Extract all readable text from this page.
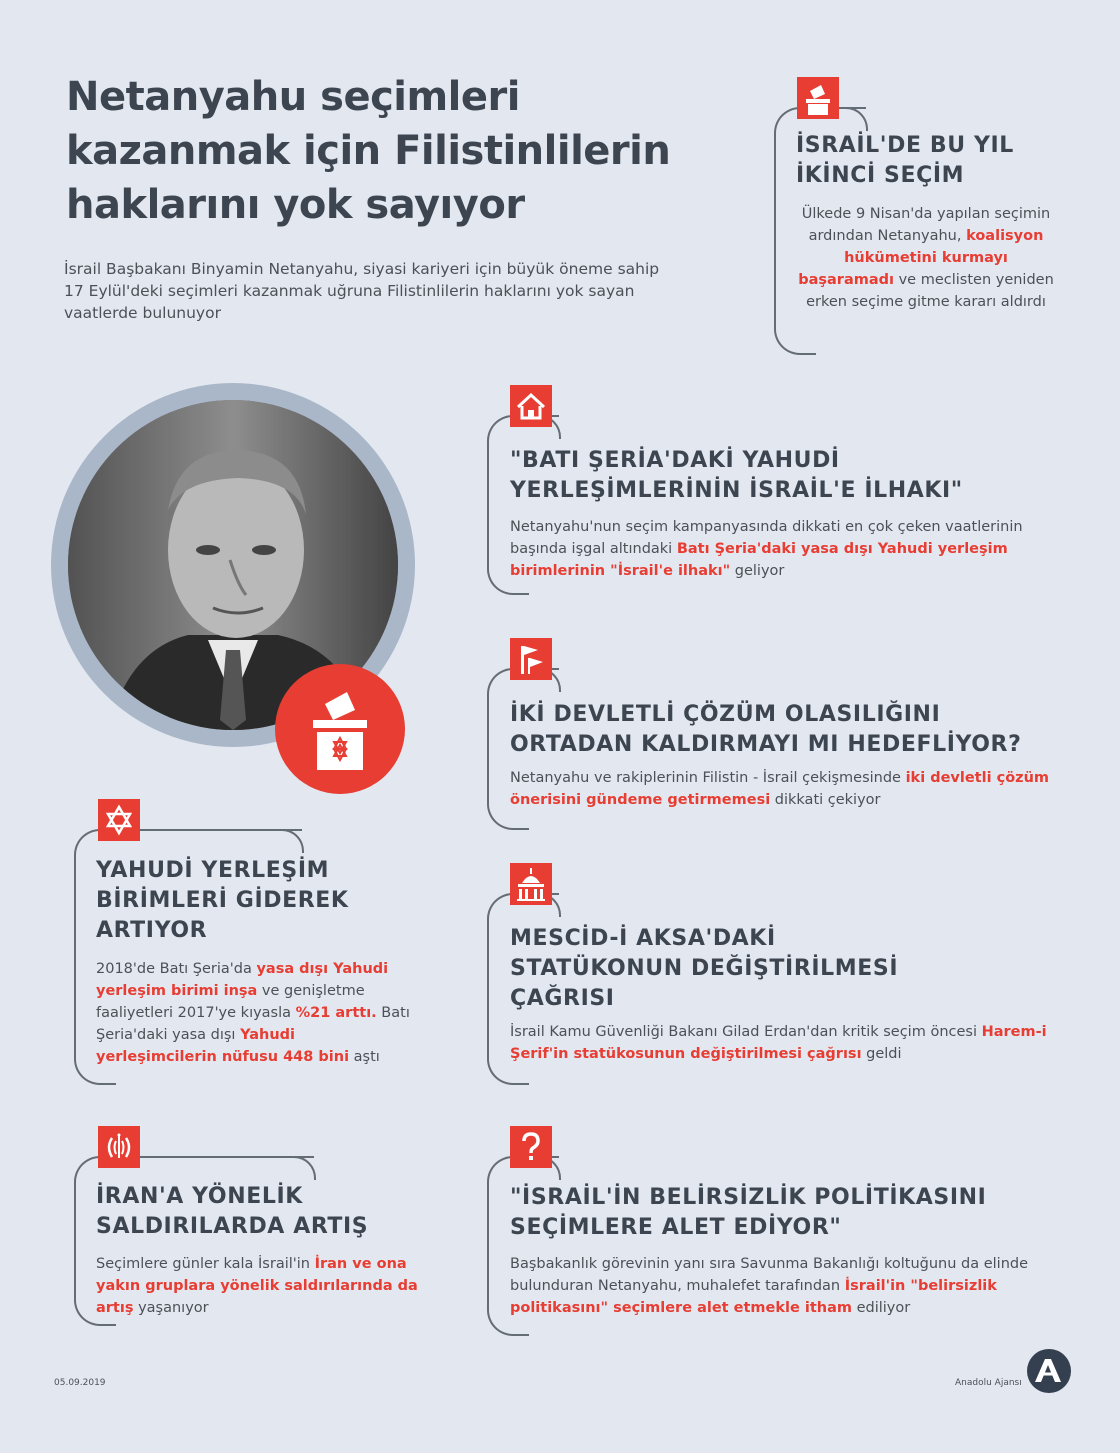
Netanyahu seçimleri
kazanmak için Filistinlilerin
haklarını yok sayıyor

İsrail Başbakanı Binyamin Netanyahu, siyasi kariyeri için büyük öneme sahip 17 Eylül'deki seçimleri kazanmak uğruna Filistinlilerin haklarını yok sayan vaatlerde bulunuyor

İSRAİL'DE BU YIL
İKİNCİ SEÇİM

Ülkede 9 Nisan'da yapılan seçimin ardından Netanyahu, koalisyon hükümetini kurmayı başaramadı ve meclisten yeniden erken seçime gitme kararı aldırdı

"BATI ŞERİA'DAKİ YAHUDİ
YERLEŞİMLERİNİN İSRAİL'E İLHAKI"

Netanyahu'nun seçim kampanyasında dikkati en çok çeken vaatlerinin başında işgal altındaki Batı Şeria'daki yasa dışı Yahudi yerleşim birimlerinin "İsrail'e ilhakı" geliyor

İKİ DEVLETLİ ÇÖZÜM OLASILIĞINI
ORTADAN KALDIRMAYI MI HEDEFLİYOR?

Netanyahu ve rakiplerinin Filistin - İsrail çekişmesinde iki devletli çözüm önerisini gündeme getirmemesi dikkati çekiyor

YAHUDİ YERLEŞİM
BİRİMLERİ GİDEREK
ARTIYOR

2018'de Batı Şeria'da yasa dışı Yahudi yerleşim birimi inşa ve genişletme faaliyetleri 2017'ye kıyasla %21 arttı. Batı Şeria'daki yasa dışı Yahudi yerleşimcilerin nüfusu 448 bini aştı

MESCİD-İ AKSA'DAKİ
STATÜKONUN DEĞİŞTİRİLMESİ
ÇAĞRISI

İsrail Kamu Güvenliği Bakanı Gilad Erdan'dan kritik seçim öncesi Harem-i Şerif'in statükosunun değiştirilmesi çağrısı geldi

İRAN'A YÖNELİK
SALDIRILARDA ARTIŞ

Seçimlere günler kala İsrail'in İran ve ona yakın gruplara yönelik saldırılarında da artış yaşanıyor

"İSRAİL'İN BELİRSİZLİK POLİTİKASINI
SEÇİMLERE ALET EDİYOR"

Başbakanlık görevinin yanı sıra Savunma Bakanlığı koltuğunu da elinde bulunduran Netanyahu, muhalefet tarafından İsrail'in "belirsizlik politikasını" seçimlere alet etmekle itham ediliyor

05.09.2019	Anadolu Ajansı
